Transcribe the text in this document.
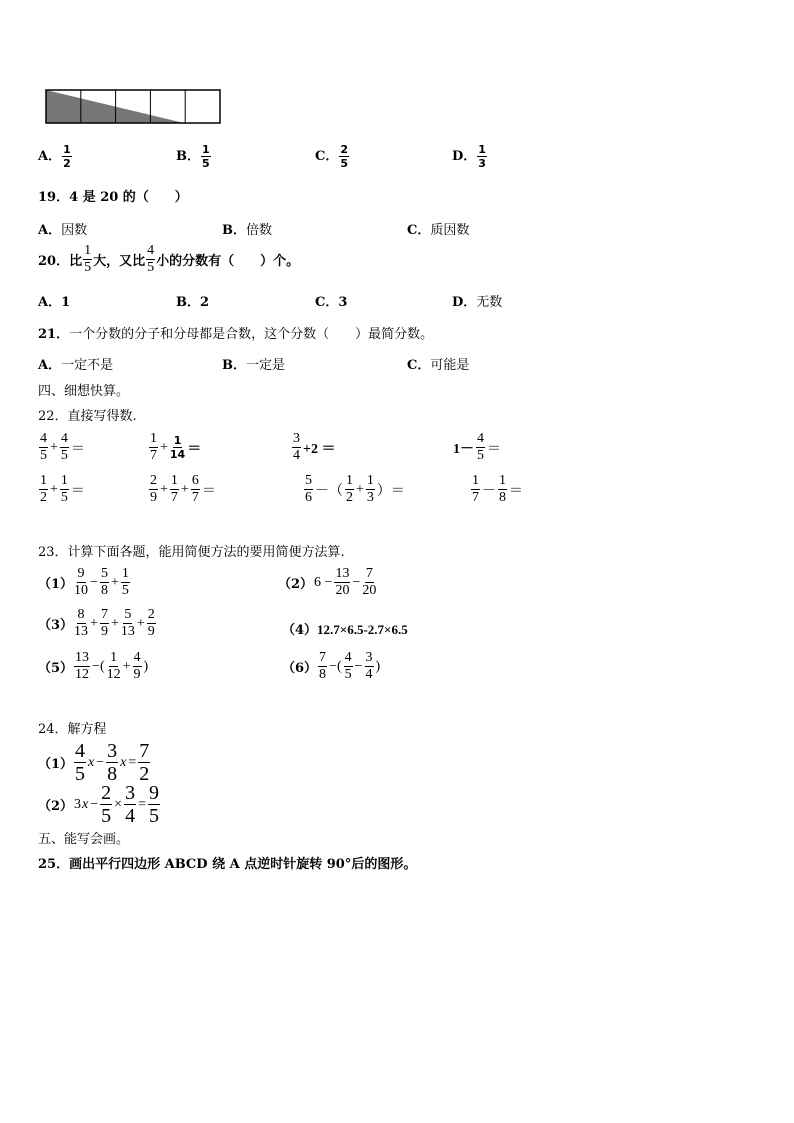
A． $\frac{1}{2}$	B． $\frac{1}{5}$	C． $\frac{2}{5}$	D． $\frac{1}{3}$
19．4 是 20 的（　　）
A．因数	B．倍数	C．质因数
20． 比 $\frac{1}{5}$ 大，又比 $\frac{4}{5}$ 小的分数有（　　）个。
A．1	B．2	C．3	D．无数
21．一个分数的分子和分母都是合数，这个分数（　　）最简分数。
A．一定不是	B．一定是	C．可能是
四、细想快算。
22．直接写得数.
$\frac{4}{5} + \frac{4}{5}$ ＝	$\frac{1}{7} + \frac{1}{14}$ ＝	$\frac{3}{4} +2$ ＝	$1- \frac{4}{5}$ ＝
$\frac{1}{2} + \frac{1}{5}$ ＝	$\frac{2}{9} + \frac{1}{7} + \frac{6}{7}$ ＝	$\frac{5}{6}$ －（ $\frac{1}{2} + \frac{1}{3}$ ）＝	$\frac{1}{7} - \frac{1}{8}$ ＝
23．计算下面各题，能用简便方法的要用简便方法算.
$(1) \frac{9}{10} - \frac{5}{8} + \frac{1}{5}$	（2） $6 - \frac{13}{20} - \frac{7}{20}$
$(3) \frac{8}{13} + \frac{7}{9} + \frac{5}{13} + \frac{2}{9}$	（4）12.7×6.5-2.7×6.5
$(5) \frac{13}{12}$ −( $\frac{1}{12} + \frac{4}{9}$ )	$(6) \frac{7}{8}$ −( $\frac{4}{5} - \frac{3}{4}$ )
24．解方程
$(1) \frac{4}{5}$ $x - \frac{3}{8}$ $x = \frac{7}{2}$
（2） 3 $x - \frac{2}{5} \times \frac{3}{4} = \frac{9}{5}$
五、能写会画。
25．画出平行四边形 ABCD 绕 A 点逆时针旋转 90°后的图形。
